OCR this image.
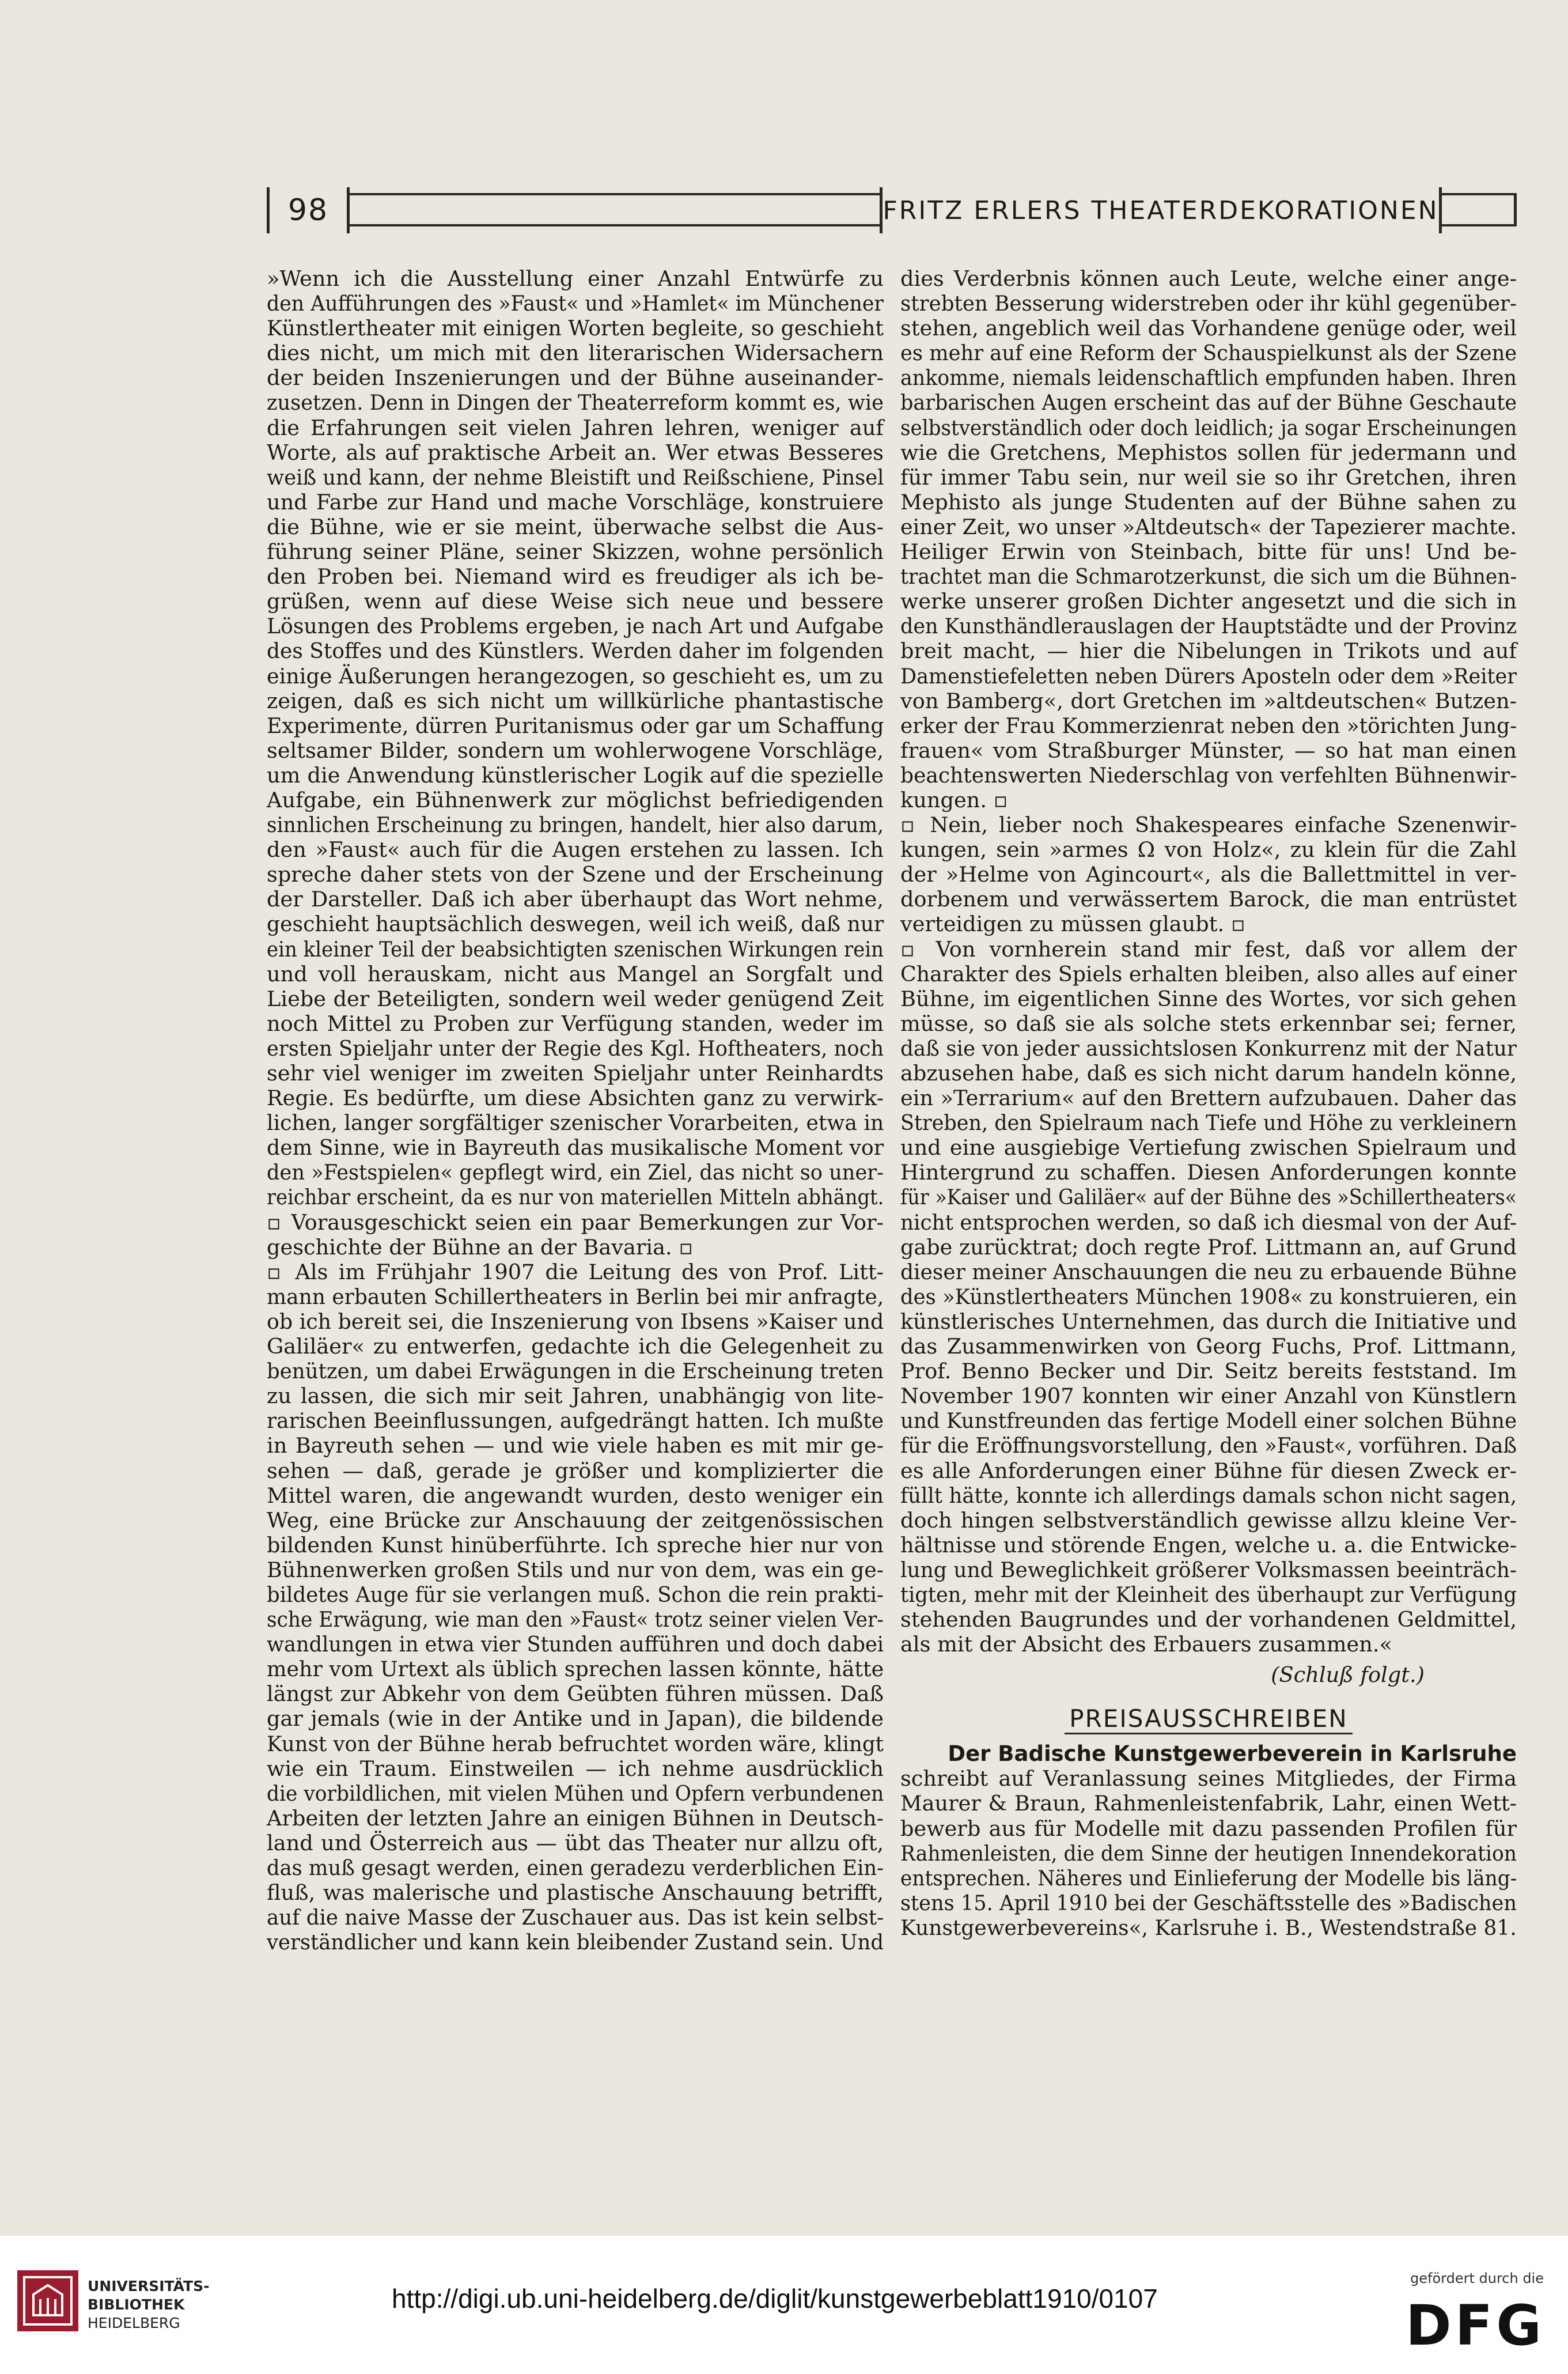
98	FRITZ ERLERS THEATERDEKORATIONEN
»Wenn ich die Ausstellung einer Anzahl Entwürfe zu
den Aufführungen des »Faust« und »Hamlet« im Münchener
Künstlertheater mit einigen Worten begleite, so geschieht
dies nicht, um mich mit den literarischen Widersachern
der beiden Inszenierungen und der Bühne auseinander-
zusetzen. Denn in Dingen der Theaterreform kommt es, wie
die Erfahrungen seit vielen Jahren lehren, weniger auf
Worte, als auf praktische Arbeit an. Wer etwas Besseres
weiß und kann, der nehme Bleistift und Reißschiene, Pinsel
und Farbe zur Hand und mache Vorschläge, konstruiere
die Bühne, wie er sie meint, überwache selbst die Aus-
führung seiner Pläne, seiner Skizzen, wohne persönlich
den Proben bei. Niemand wird es freudiger als ich be-
grüßen, wenn auf diese Weise sich neue und bessere
Lösungen des Problems ergeben, je nach Art und Aufgabe
des Stoffes und des Künstlers. Werden daher im folgenden
einige Äußerungen herangezogen, so geschieht es, um zu
zeigen, daß es sich nicht um willkürliche phantastische
Experimente, dürren Puritanismus oder gar um Schaffung
seltsamer Bilder, sondern um wohlerwogene Vorschläge,
um die Anwendung künstlerischer Logik auf die spezielle
Aufgabe, ein Bühnenwerk zur möglichst befriedigenden
sinnlichen Erscheinung zu bringen, handelt, hier also darum,
den »Faust« auch für die Augen erstehen zu lassen. Ich
spreche daher stets von der Szene und der Erscheinung
der Darsteller. Daß ich aber überhaupt das Wort nehme,
geschieht hauptsächlich deswegen, weil ich weiß, daß nur
ein kleiner Teil der beabsichtigten szenischen Wirkungen rein
und voll herauskam, nicht aus Mangel an Sorgfalt und
Liebe der Beteiligten, sondern weil weder genügend Zeit
noch Mittel zu Proben zur Verfügung standen, weder im
ersten Spieljahr unter der Regie des Kgl. Hoftheaters, noch
sehr viel weniger im zweiten Spieljahr unter Reinhardts
Regie. Es bedürfte, um diese Absichten ganz zu verwirk-
lichen, langer sorgfältiger szenischer Vorarbeiten, etwa in
dem Sinne, wie in Bayreuth das musikalische Moment vor
den »Festspielen« gepflegt wird, ein Ziel, das nicht so uner-
reichbar erscheint, da es nur von materiellen Mitteln abhängt.
▫ Vorausgeschickt seien ein paar Bemerkungen zur Vor-
geschichte der Bühne an der Bavaria. ▫
▫ Als im Frühjahr 1907 die Leitung des von Prof. Litt-
mann erbauten Schillertheaters in Berlin bei mir anfragte,
ob ich bereit sei, die Inszenierung von Ibsens »Kaiser und
Galiläer« zu entwerfen, gedachte ich die Gelegenheit zu
benützen, um dabei Erwägungen in die Erscheinung treten
zu lassen, die sich mir seit Jahren, unabhängig von lite-
rarischen Beeinflussungen, aufgedrängt hatten. Ich mußte
in Bayreuth sehen — und wie viele haben es mit mir ge-
sehen — daß, gerade je größer und komplizierter die
Mittel waren, die angewandt wurden, desto weniger ein
Weg, eine Brücke zur Anschauung der zeitgenössischen
bildenden Kunst hinüberführte. Ich spreche hier nur von
Bühnenwerken großen Stils und nur von dem, was ein ge-
bildetes Auge für sie verlangen muß. Schon die rein prakti-
sche Erwägung, wie man den »Faust« trotz seiner vielen Ver-
wandlungen in etwa vier Stunden aufführen und doch dabei
mehr vom Urtext als üblich sprechen lassen könnte, hätte
längst zur Abkehr von dem Geübten führen müssen. Daß
gar jemals (wie in der Antike und in Japan), die bildende
Kunst von der Bühne herab befruchtet worden wäre, klingt
wie ein Traum. Einstweilen — ich nehme ausdrücklich
die vorbildlichen, mit vielen Mühen und Opfern verbundenen
Arbeiten der letzten Jahre an einigen Bühnen in Deutsch-
land und Österreich aus — übt das Theater nur allzu oft,
das muß gesagt werden, einen geradezu verderblichen Ein-
fluß, was malerische und plastische Anschauung betrifft,
auf die naive Masse der Zuschauer aus. Das ist kein selbst-
verständlicher und kann kein bleibender Zustand sein. Und
dies Verderbnis können auch Leute, welche einer ange-
strebten Besserung widerstreben oder ihr kühl gegenüber-
stehen, angeblich weil das Vorhandene genüge oder, weil
es mehr auf eine Reform der Schauspielkunst als der Szene
ankomme, niemals leidenschaftlich empfunden haben. Ihren
barbarischen Augen erscheint das auf der Bühne Geschaute
selbstverständlich oder doch leidlich; ja sogar Erscheinungen
wie die Gretchens, Mephistos sollen für jedermann und
für immer Tabu sein, nur weil sie so ihr Gretchen, ihren
Mephisto als junge Studenten auf der Bühne sahen zu
einer Zeit, wo unser »Altdeutsch« der Tapezierer machte.
Heiliger Erwin von Steinbach, bitte für uns! Und be-
trachtet man die Schmarotzerkunst, die sich um die Bühnen-
werke unserer großen Dichter angesetzt und die sich in
den Kunsthändlerauslagen der Hauptstädte und der Provinz
breit macht, — hier die Nibelungen in Trikots und auf
Damenstiefeletten neben Dürers Aposteln oder dem »Reiter
von Bamberg«, dort Gretchen im »altdeutschen« Butzen-
erker der Frau Kommerzienrat neben den »törichten Jung-
frauen« vom Straßburger Münster, — so hat man einen
beachtenswerten Niederschlag von verfehlten Bühnenwir-
kungen. ▫
▫ Nein, lieber noch Shakespeares einfache Szenenwir-
kungen, sein »armes Ω von Holz«, zu klein für die Zahl
der »Helme von Agincourt«, als die Ballettmittel in ver-
dorbenem und verwässertem Barock, die man entrüstet
verteidigen zu müssen glaubt. ▫
▫ Von vornherein stand mir fest, daß vor allem der
Charakter des Spiels erhalten bleiben, also alles auf einer
Bühne, im eigentlichen Sinne des Wortes, vor sich gehen
müsse, so daß sie als solche stets erkennbar sei; ferner,
daß sie von jeder aussichtslosen Konkurrenz mit der Natur
abzusehen habe, daß es sich nicht darum handeln könne,
ein »Terrarium« auf den Brettern aufzubauen. Daher das
Streben, den Spielraum nach Tiefe und Höhe zu verkleinern
und eine ausgiebige Vertiefung zwischen Spielraum und
Hintergrund zu schaffen. Diesen Anforderungen konnte
für »Kaiser und Galiläer« auf der Bühne des »Schillertheaters«
nicht entsprochen werden, so daß ich diesmal von der Auf-
gabe zurücktrat; doch regte Prof. Littmann an, auf Grund
dieser meiner Anschauungen die neu zu erbauende Bühne
des »Künstlertheaters München 1908« zu konstruieren, ein
künstlerisches Unternehmen, das durch die Initiative und
das Zusammenwirken von Georg Fuchs, Prof. Littmann,
Prof. Benno Becker und Dir. Seitz bereits feststand. Im
November 1907 konnten wir einer Anzahl von Künstlern
und Kunstfreunden das fertige Modell einer solchen Bühne
für die Eröffnungsvorstellung, den »Faust«, vorführen. Daß
es alle Anforderungen einer Bühne für diesen Zweck er-
füllt hätte, konnte ich allerdings damals schon nicht sagen,
doch hingen selbstverständlich gewisse allzu kleine Ver-
hältnisse und störende Engen, welche u. a. die Entwicke-
lung und Beweglichkeit größerer Volksmassen beeinträch-
tigten, mehr mit der Kleinheit des überhaupt zur Verfügung
stehenden Baugrundes und der vorhandenen Geldmittel,
als mit der Absicht des Erbauers zusammen.«
(Schluß folgt.)
PREISAUSSCHREIBEN
Der Badische Kunstgewerbeverein in Karlsruhe
schreibt auf Veranlassung seines Mitgliedes, der Firma
Maurer & Braun, Rahmenleistenfabrik, Lahr, einen Wett-
bewerb aus für Modelle mit dazu passenden Profilen für
Rahmenleisten, die dem Sinne der heutigen Innendekoration
entsprechen. Näheres und Einlieferung der Modelle bis läng-
stens 15. April 1910 bei der Geschäftsstelle des »Badischen
Kunstgewerbevereins«, Karlsruhe i. B., Westendstraße 81.
UNIVERSITÄTS-
BIBLIOTHEK
HEIDELBERG
http://digi.ub.uni-heidelberg.de/diglit/kunstgewerbeblatt1910/0107
gefördert durch die
DFG
